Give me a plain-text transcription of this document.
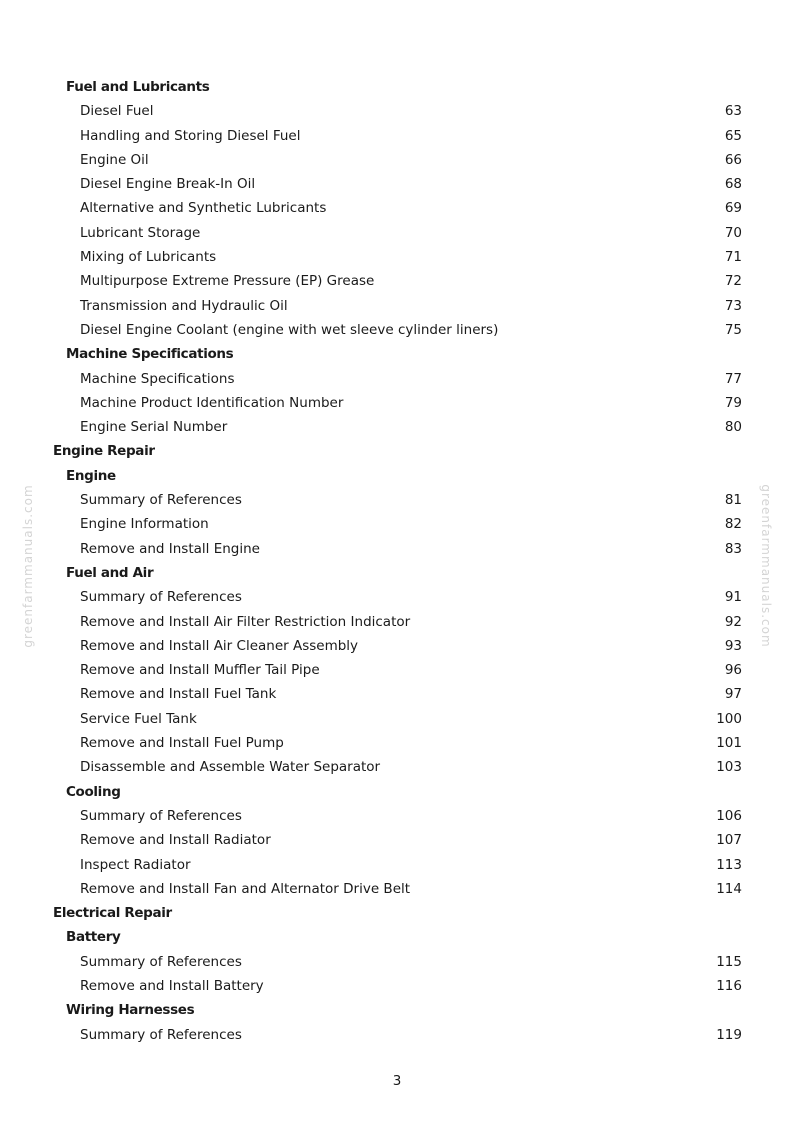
Fuel and Lubricants
Diesel Fuel	63
Handling and Storing Diesel Fuel	65
Engine Oil	66
Diesel Engine Break-In Oil	68
Alternative and Synthetic Lubricants	69
Lubricant Storage	70
Mixing of Lubricants	71
Multipurpose Extreme Pressure (EP) Grease	72
Transmission and Hydraulic Oil	73
Diesel Engine Coolant (engine with wet sleeve cylinder liners)	75
Machine Specifications
Machine Specifications	77
Machine Product Identification Number	79
Engine Serial Number	80
Engine Repair
Engine
Summary of References	81
Engine Information	82
Remove and Install Engine	83
Fuel and Air
Summary of References	91
Remove and Install Air Filter Restriction Indicator	92
Remove and Install Air Cleaner Assembly	93
Remove and Install Muffler Tail Pipe	96
Remove and Install Fuel Tank	97
Service Fuel Tank	100
Remove and Install Fuel Pump	101
Disassemble and Assemble Water Separator	103
Cooling
Summary of References	106
Remove and Install Radiator	107
Inspect Radiator	113
Remove and Install Fan and Alternator Drive Belt	114
Electrical Repair
Battery
Summary of References	115
Remove and Install Battery	116
Wiring Harnesses
Summary of References	119
greenfarmmanuals.com	greenfarmmanuals.com
3
